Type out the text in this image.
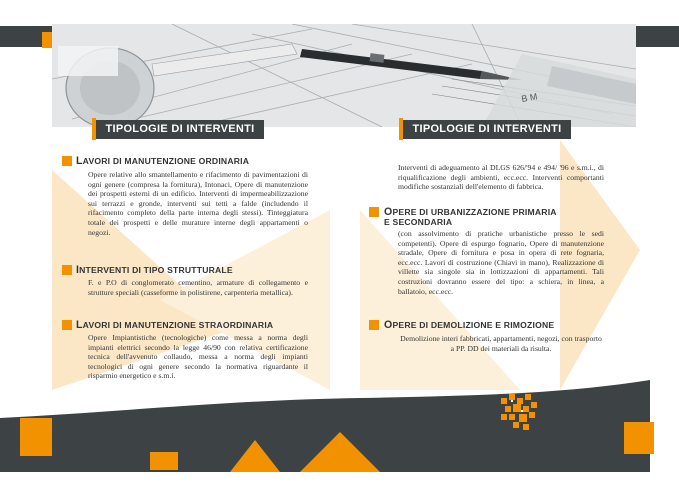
B M
TIPOLOGIE DI INTERVENTI	TIPOLOGIE DI INTERVENTI
LAVORI DI MANUTENZIONE ORDINARIA
Opere relative allo smantellamento e rifacimento di pavimentazioni di ogni genere (compresa la fornitura), Intonaci, Opere di manutenzione dei prospetti esterni di un edificio. Interventi di impermeabilizzazione sui terrazzi e gronde, interventi sui tetti a falde (includendo il rifacimento completo della parte interna degli stessi). Tinteggiatura totale dei prospetti e delle murature interne degli appartamenti o negozi.
INTERVENTI DI TIPO STRUTTURALE
F. e P.O di conglomerato cementino, armature di collegamento e strutture speciali (casseforme in polistirene, carpenteria metallica).
LAVORI DI MANUTENZIONE STRAORDINARIA
Opere Impiantistiche (tecnologiche) come messa a norma degli impianti elettrici secondo la legge 46/90 con relativa certificazione tecnica dell'avvenuto collaudo, messa a norma degli impianti tecnologici di ogni genere secondo la normativa riguardante il risparmio energetico e s.m.i.
Interventi di adeguamento al DLGS 626/'94 e 494/ '96 e s.m.i., di riqualificazione degli ambienti, ecc.ecc. Interventi comportanti modifiche sostanziali dell'elemento di fabbrica.
OPERE DI URBANIZZAZIONE PRIMARIA
E SECONDARIA
(con assolvimento di pratiche urbanistiche presso le sedi competenti). Opere di espurgo fognario, Opere di manutenzione stradale, Opere di fornitura e posa in opera di rete fognaria, ecc.ecc. Lavori di costruzione (Chiavi in mano), Realizzazione di villette sia singole sia in lottizzazioni di appartamenti. Tali costruzioni dovranno essere del tipo: a schiera, in linea, a ballatoio, ecc.ecc.
OPERE DI DEMOLIZIONE E RIMOZIONE
Demolizione interi fabbricati, appartamenti, negozi, con trasporto a PP. DD dei materiali da risulta.
